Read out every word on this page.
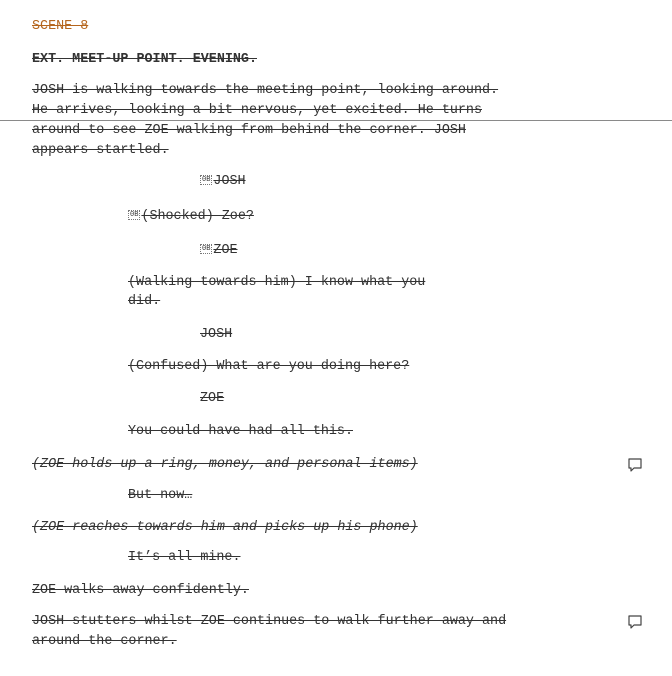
SCENE 8
EXT. MEET-UP POINT. EVENING.
JOSH is walking towards the meeting point, looking around.
He arrives, looking a bit nervous, yet excited. He turns
around to see ZOE walking from behind the corner. JOSH
appears startled.
0B JOSH
0B (Shocked) Zoe?
0B ZOE
(Walking towards him) I know what you
did.
JOSH
(Confused) What are you doing here?
ZOE
You could have had all this.
(ZOE holds up a ring, money, and personal items)
But now…
(ZOE reaches towards him and picks up his phone)
It’s all mine.
ZOE walks away confidently.
JOSH stutters whilst ZOE continues to walk further away and
around the corner.
